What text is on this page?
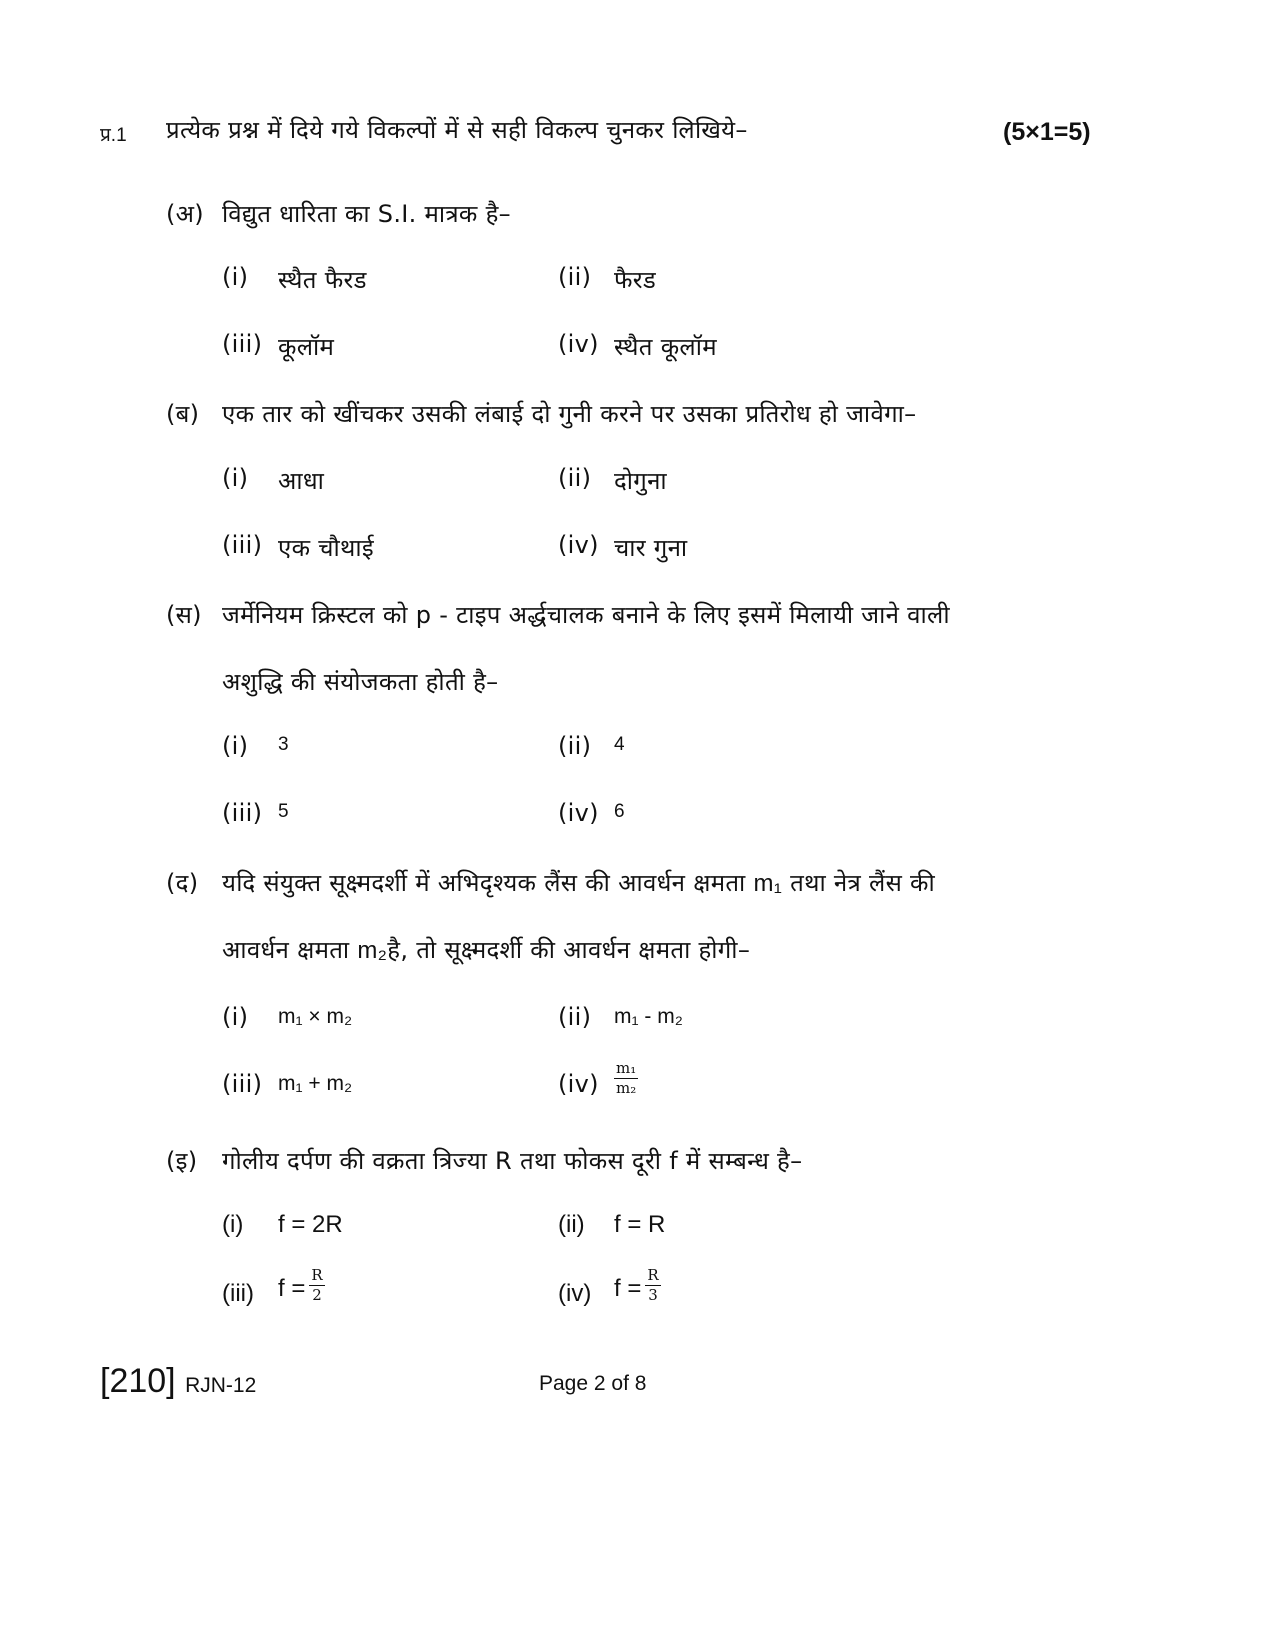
प्र.1 प्रत्येक प्रश्न में दिये गये विकल्पों में से सही विकल्प चुनकर लिखिये–	(5×1=5)
(अ) विद्युत धारिता का S.I. मात्रक है–
(i) स्थैत फैरड	(ii) फैरड
(iii) कूलॉम	(iv) स्थैत कूलॉम
(ब) एक तार को खींचकर उसकी लंबाई दो गुनी करने पर उसका प्रतिरोध हो जावेगा–
(i) आधा	(ii) दोगुना
(iii) एक चौथाई	(iv) चार गुना
(स) जर्मेनियम क्रिस्टल को p - टाइप अर्द्धचालक बनाने के लिए इसमें मिलायी जाने वाली
अशुद्धि की संयोजकता होती है–
(i) 3	(ii) 4
(iii) 5	(iv) 6
(द) यदि संयुक्त सूक्ष्मदर्शी में अभिदृश्यक लैंस की आवर्धन क्षमता m₁ तथा नेत्र लैंस की
आवर्धन क्षमता m₂है, तो सूक्ष्मदर्शी की आवर्धन क्षमता होगी–
(i) m₁ × m₂	(ii) m₁ - m₂
(iii) m₁ + m₂	$(iv) \frac{\text{m₁}}{\text{m₂}}$
(इ) गोलीय दर्पण की वक्रता त्रिज्या R तथा फोकस दूरी f में सम्बन्ध है–
(i) f = 2R	(ii) f = R
(iii) $f = \frac{R}{2}$	(iv) $f = \frac{R}{3}$
[210] RJN-12	Page 2 of 8
